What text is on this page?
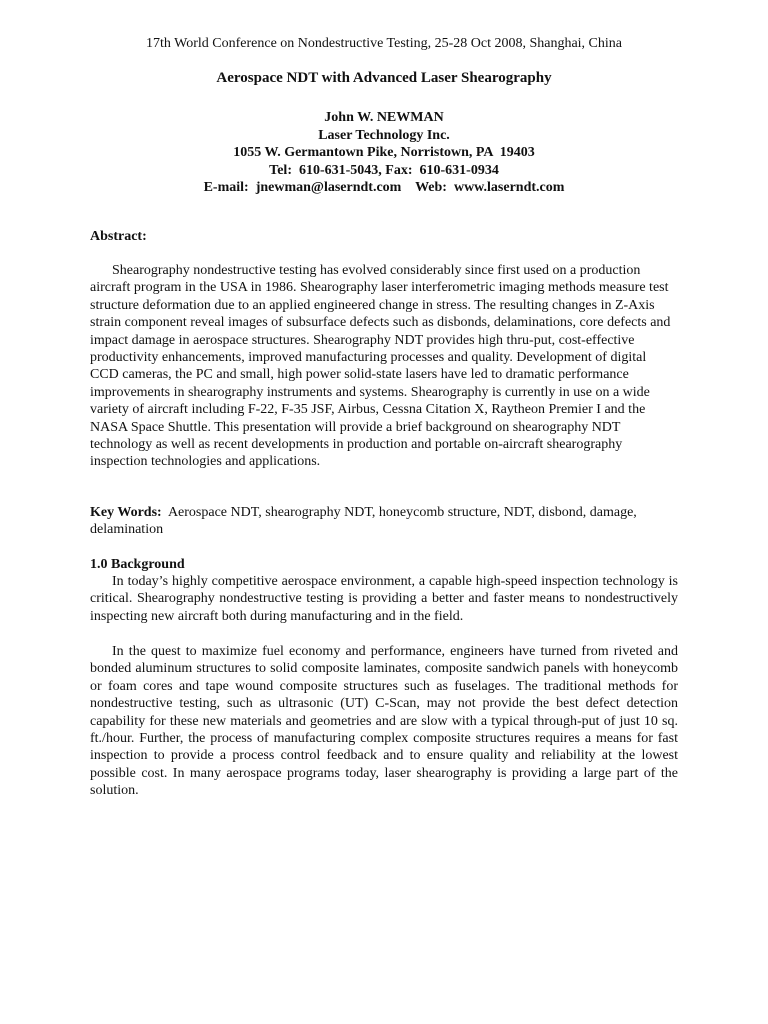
17th World Conference on Nondestructive Testing, 25-28 Oct 2008, Shanghai, China
Aerospace NDT with Advanced Laser Shearography
John W. NEWMAN
Laser Technology Inc.
1055 W. Germantown Pike, Norristown, PA  19403
Tel:  610-631-5043, Fax:  610-631-0934
E-mail:  jnewman@laserndt.com    Web:  www.laserndt.com

Abstract:

Shearography nondestructive testing has evolved considerably since first used on a production aircraft program in the USA in 1986. Shearography laser interferometric imaging methods measure test structure deformation due to an applied engineered change in stress. The resulting changes in Z-Axis strain component reveal images of subsurface defects such as disbonds, delaminations, core defects and impact damage in aerospace structures. Shearography NDT provides high thru-put, cost-effective productivity enhancements, improved manufacturing processes and quality. Development of digital CCD cameras, the PC and small, high power solid-state lasers have led to dramatic performance improvements in shearography instruments and systems. Shearography is currently in use on a wide variety of aircraft including F-22, F-35 JSF, Airbus, Cessna Citation X, Raytheon Premier I and the NASA Space Shuttle. This presentation will provide a brief background on shearography NDT technology as well as recent developments in production and portable on-aircraft shearography inspection technologies and applications.

Key Words: Aerospace NDT, shearography NDT, honeycomb structure, NDT, disbond, damage, delamination

1.0 Background

In today’s highly competitive aerospace environment, a capable high-speed inspection technology is critical. Shearography nondestructive testing is providing a better and faster means to nondestructively inspecting new aircraft both during manufacturing and in the field.

In the quest to maximize fuel economy and performance, engineers have turned from riveted and bonded aluminum structures to solid composite laminates, composite sandwich panels with honeycomb or foam cores and tape wound composite structures such as fuselages. The traditional methods for nondestructive testing, such as ultrasonic (UT) C-Scan, may not provide the best defect detection capability for these new materials and geometries and are slow with a typical through-put of just 10 sq. ft./hour. Further, the process of manufacturing complex composite structures requires a means for fast inspection to provide a process control feedback and to ensure quality and reliability at the lowest possible cost. In many aerospace programs today, laser shearography is providing a large part of the solution.
